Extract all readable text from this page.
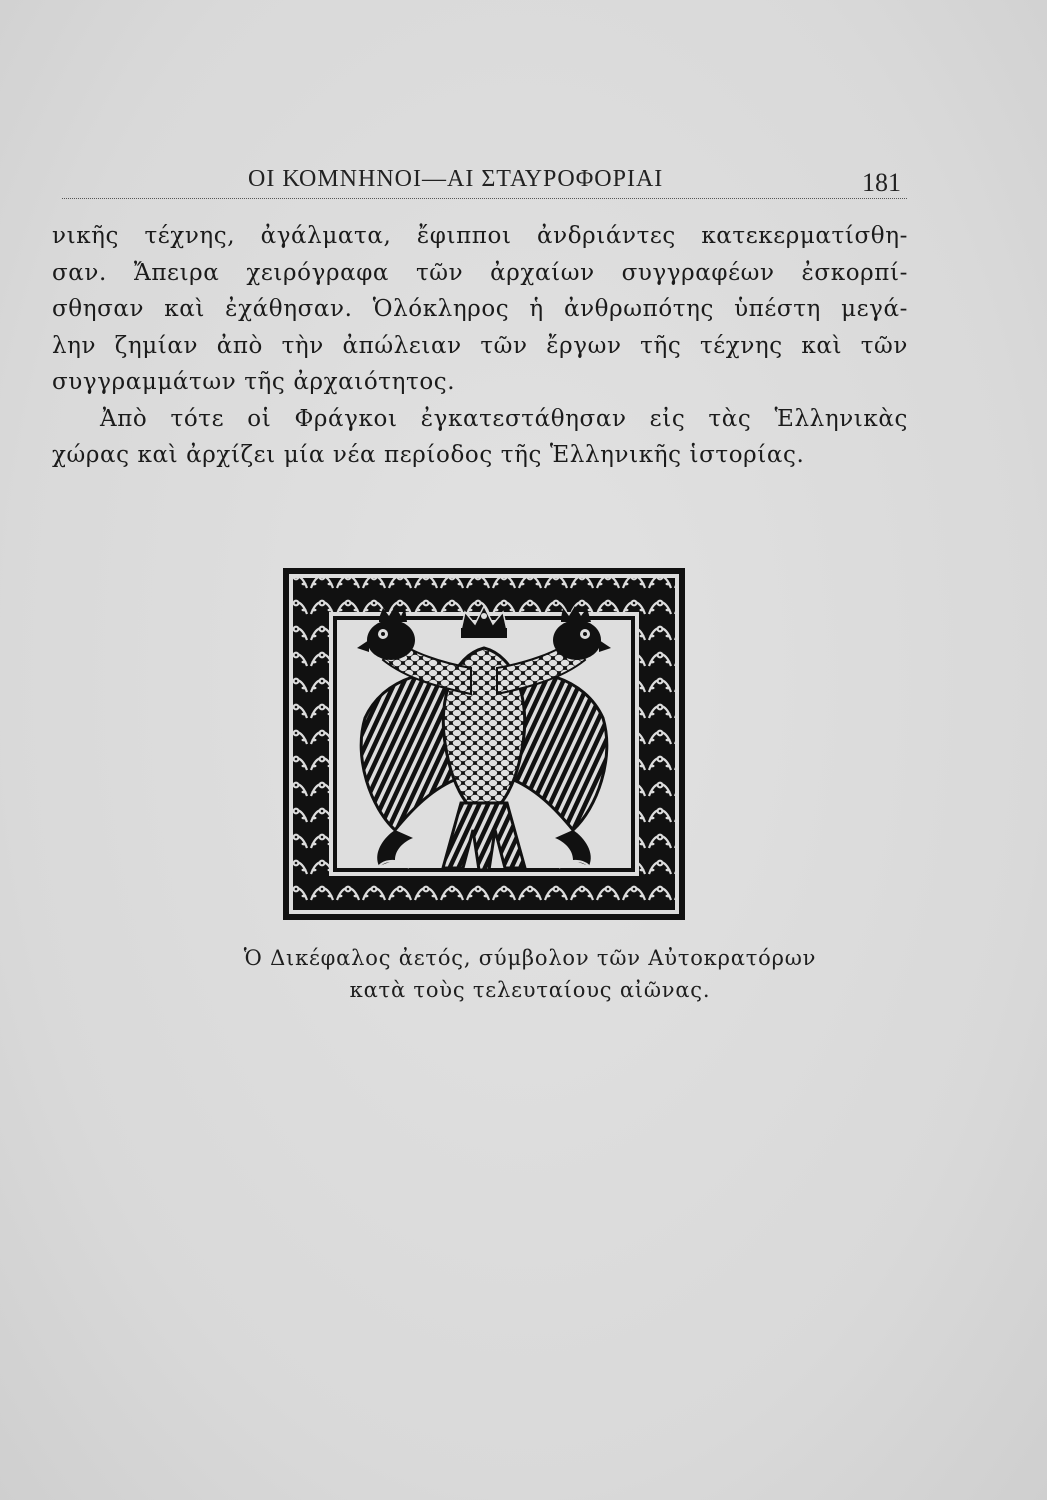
ΟΙ ΚΟΜΝΗΝΟΙ—ΑΙ ΣΤΑΥΡΟΦΟΡΙΑΙ	181
νικῆς τέχνης, ἀγάλματα, ἔφιπποι ἀνδριάντες κατεκερματίσθη-
σαν. Ἄπειρα χειρόγραφα τῶν ἀρχαίων συγγραφέων ἐσκορπί-
σθησαν καὶ ἐχάθησαν. Ὁλόκληρος ἡ ἀνθρωπότης ὑπέστη μεγά-
λην ζημίαν ἀπὸ τὴν ἀπώλειαν τῶν ἔργων τῆς τέχνης καὶ τῶν
συγγραμμάτων τῆς ἀρχαιότητος.
Ἀπὸ τότε οἱ Φράγκοι ἐγκατεστάθησαν εἰς τὰς Ἑλληνικὰς
χώρας καὶ ἀρχίζει μία νέα περίοδος τῆς Ἑλληνικῆς ἱστορίας.
Ὁ Δικέφαλος ἀετός, σύμβολον τῶν Αὐτοκρατόρων
κατὰ τοὺς τελευταίους αἰῶνας.
